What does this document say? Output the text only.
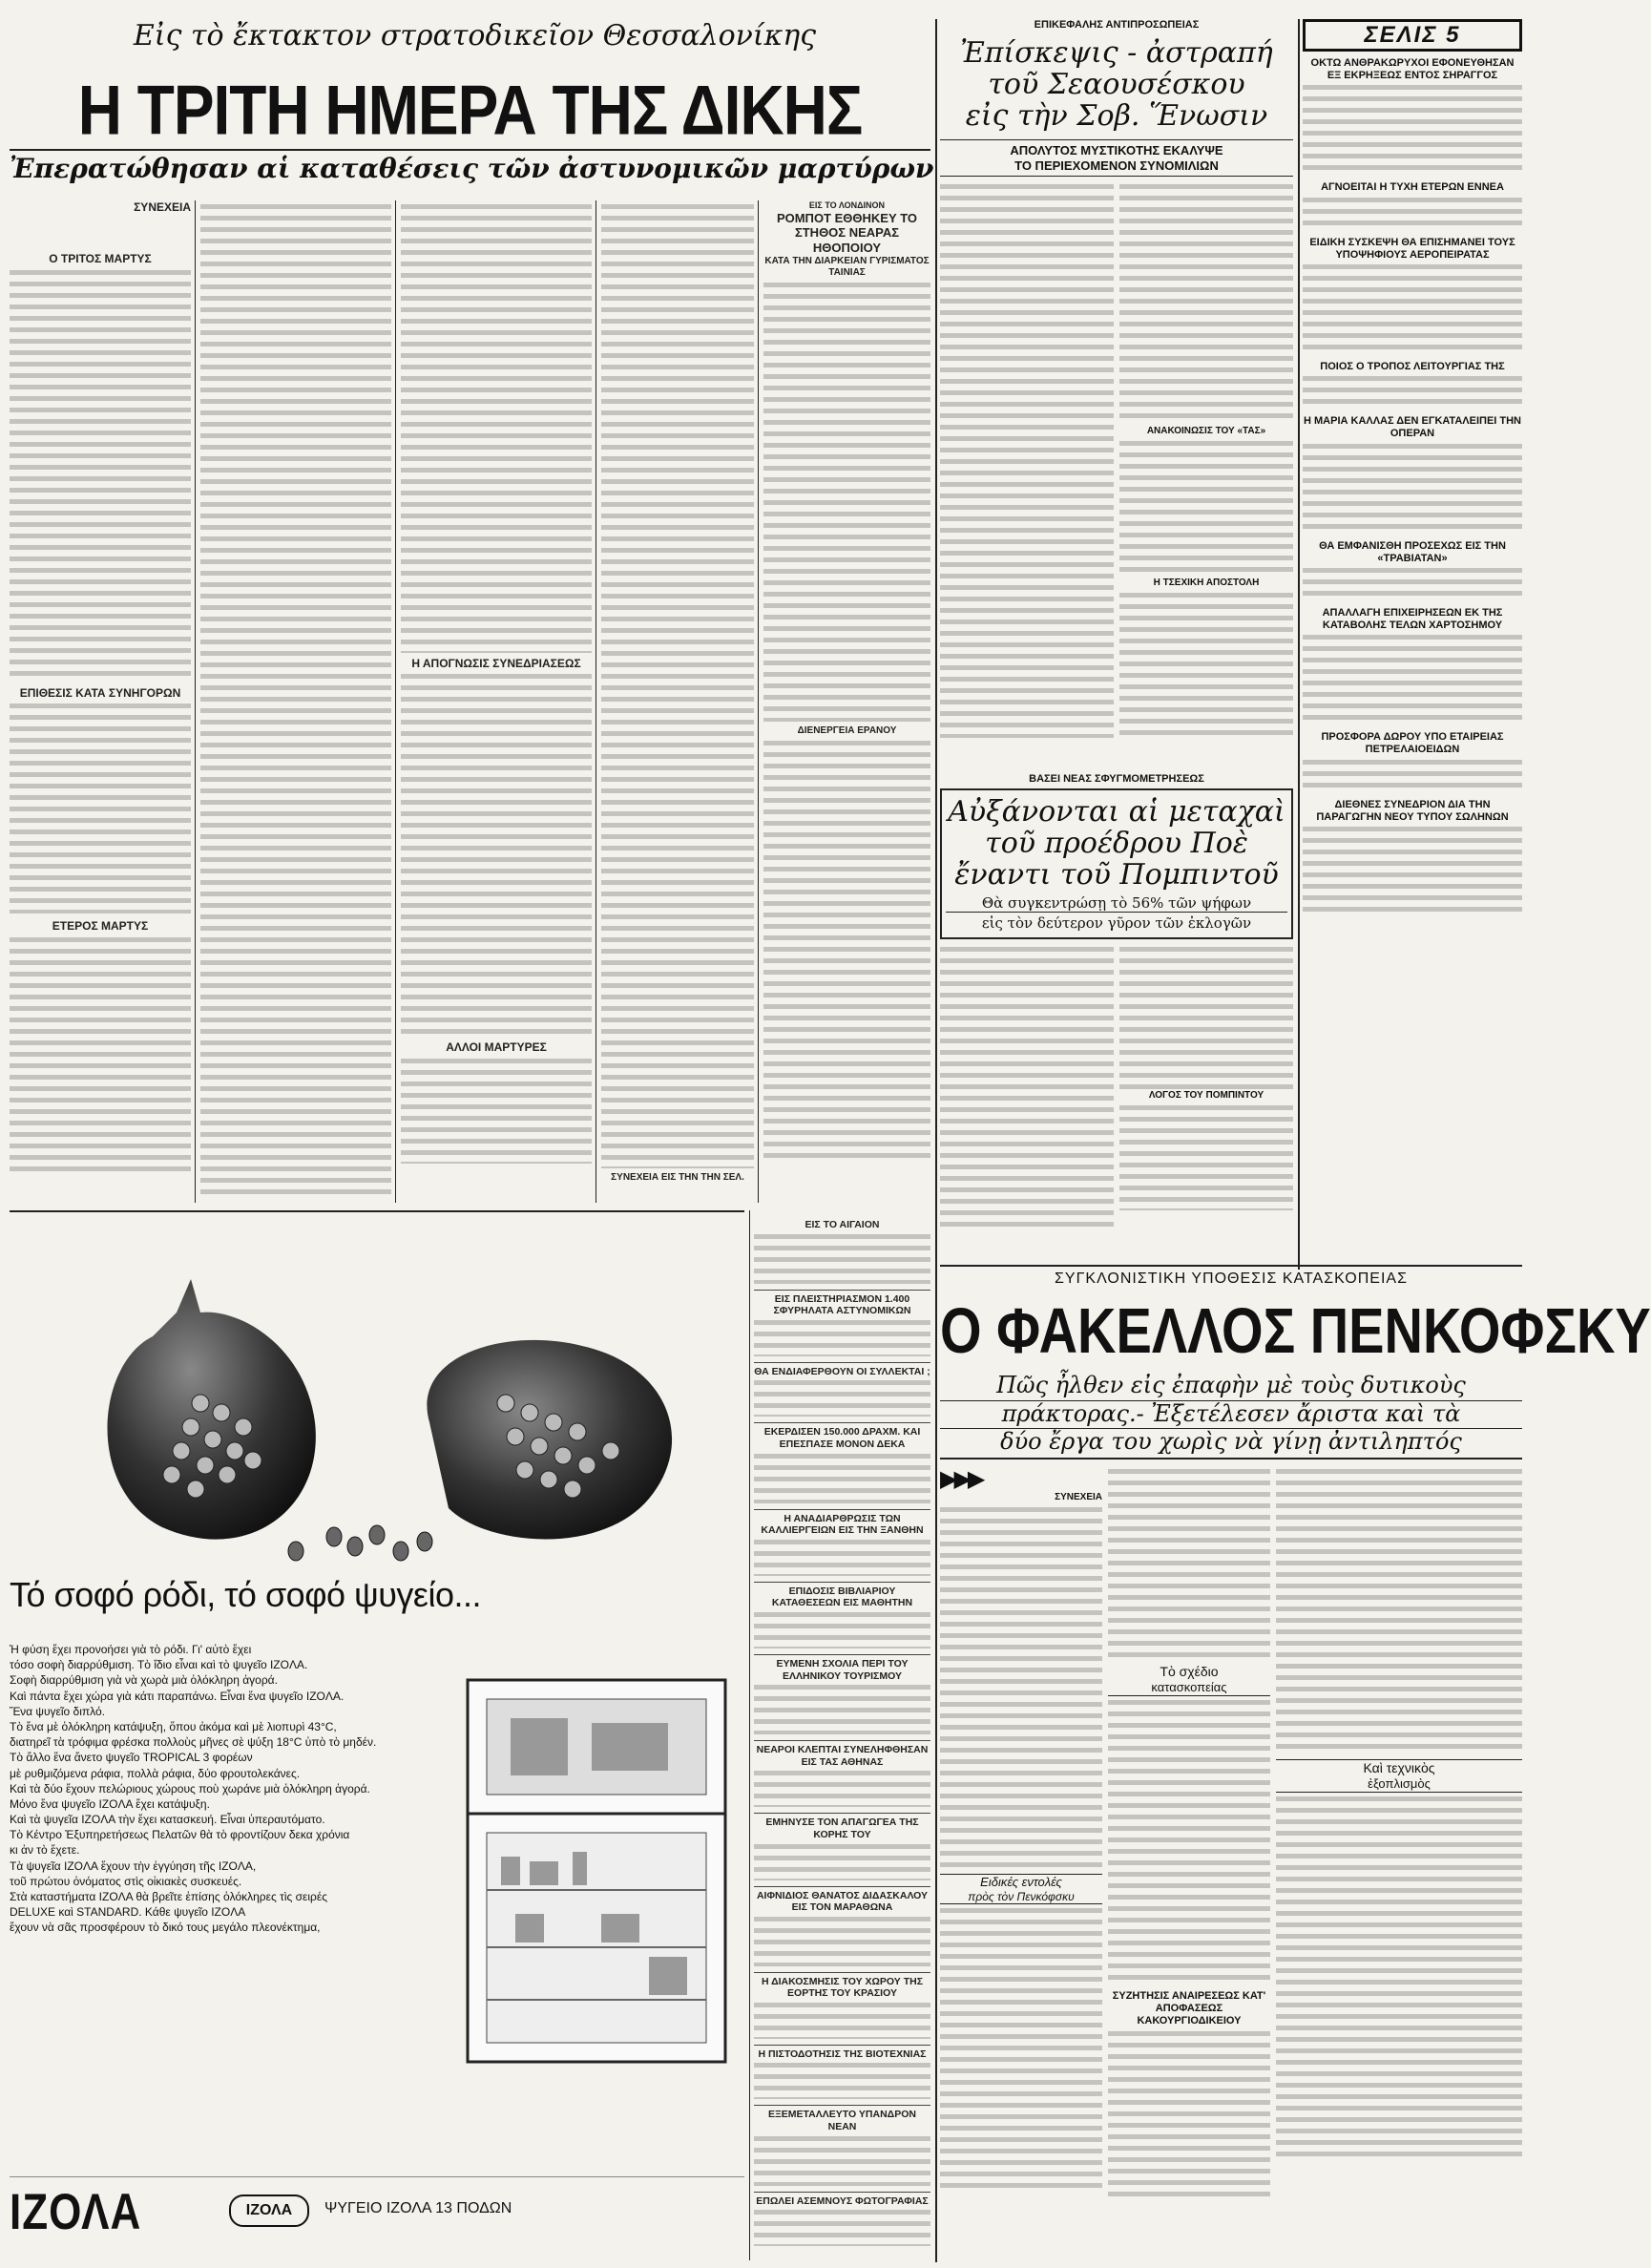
Εἰς τὸ ἔκτακτον στρατοδικεῖον Θεσσαλονίκης
Η ΤΡΙΤΗ ΗΜΕΡΑ ΤΗΣ ΔΙΚΗΣ
Ἐπερατώθησαν αἱ καταθέσεις τῶν ἀστυνομικῶν μαρτύρων
ΣΥΝΕΧΕΙΑ
Ο ΤΡΙΤΟΣ ΜΑΡΤΥΣ
ΕΠΙΘΕΣΙΣ ΚΑΤΑ ΣΥΝΗΓΟΡΩΝ
ΕΤΕΡΟΣ ΜΑΡΤΥΣ
Η ΑΠΟΓΝΩΣΙΣ ΣΥΝΕΔΡΙΑΣΕΩΣ
ΑΛΛΟΙ ΜΑΡΤΥΡΕΣ
ΣΥΝΕΧΕΙΑ ΕΙΣ ΤΗΝ ΤΗΝ ΣΕΛ.
ΕΙΣ ΤΟ ΛΟΝΔΙΝΟΝ
ΡΟΜΠΟΤ ΕΘΘΗΚΕΥ ΤΟ ΣΤΗΘΟΣ ΝΕΑΡΑΣ ΗΘΟΠΟΙΟΥ
ΚΑΤΑ ΤΗΝ ΔΙΑΡΚΕΙΑΝ ΓΥΡΙΣΜΑΤΟΣ ΤΑΙΝΙΑΣ
ΔΙΕΝΕΡΓΕΙΑ ΕΡΑΝΟΥ
Τό σοφό ρόδι, τό σοφό ψυγείο...
Ἡ φύση ἔχει προνοήσει γιὰ τὸ ρόδι. Γι' αὐτὸ ἔχει
τόσο σοφὴ διαρρύθμιση. Τὸ ἴδιο εἶναι καὶ τὸ ψυγεῖο IZOΛA.
Σοφὴ διαρρύθμιση γιὰ νὰ χωρὰ μιὰ ὁλόκληρη ἀγορά.
Καὶ πάντα ἔχει χώρα γιὰ κάτι παραπάνω. Εἶναι ἕνα ψυγεῖο IZOΛA.
Ἕνα ψυγεῖο διπλό.
Τὸ ἕνα μὲ ὁλόκληρη κατάψυξη, ὅπου ἀκόμα καὶ μὲ λιοπυρὶ 43°C,
διατηρεῖ τὰ τρόφιμα φρέσκα πολλοὺς μῆνες σὲ ψύξη 18°C ὑπὸ τὸ μηδέν.
Τὸ ἄλλο ἕνα ἄνετο ψυγεῖο TROPICAL 3 φορέων
μὲ ρυθμιζόμενα ράφια, πολλὰ ράφια, δύο φρουτολεκάνες.
Καὶ τὰ δύο ἔχουν πελώριους χώρους ποὺ χωράνε μιὰ ὁλόκληρη ἀγορά.
Μόνο ἕνα ψυγεῖο IZOΛA ἔχει κατάψυξη.
Καὶ τὰ ψυγεῖα IZOΛA τὴν ἔχει κατασκευή. Εἶναι ὑπεραυτόματο.
Τὸ Κέντρο Ἐξυπηρετήσεως Πελατῶν θὰ τὸ φροντίζουν δεκα χρόνια
κι ἀν τὸ ἔχετε.
Τὰ ψυγεῖα IZOΛA ἔχουν τὴν ἐγγύηση τῆς IZOΛA,
τοῦ πρώτου ὀνόματος στὶς οἰκιακὲς συσκευές.
Στὰ καταστήματα IZOΛA θὰ βρεῖτε ἐπίσης ὁλόκληρες τὶς σειρές
DELUXE καὶ STANDARD. Κάθε ψυγεῖο IZOΛA
ἔχουν νὰ σᾶς προσφέρουν τὸ δικό τους μεγάλο πλεονέκτημα,
ΙΖΟΛΑ	ΙΖΟΛΑ	ΨΥΓΕΙΟ ΙΖΟΛΑ 13 ΠΟΔΩΝ
ΕΙΣ ΤΟ ΑΙΓΑΙΟΝ
ΕΙΣ ΠΛΕΙΣΤΗΡΙΑΣΜΟΝ 1.400 ΣΦΥΡΗΛΑΤΑ ΑΣΤΥΝΟΜΙΚΩΝ
ΘΑ ΕΝΔΙΑΦΕΡΘΟΥΝ ΟΙ ΣΥΛΛΕΚΤΑΙ ;
ΕΚΕΡΔΙΣΕΝ 150.000 ΔΡΑΧΜ. ΚΑΙ ΕΠΕΣΠΑΣΕ ΜΟΝΟΝ ΔΕΚΑ
Η ΑΝΑΔΙΑΡΘΡΩΣΙΣ ΤΩΝ ΚΑΛΛΙΕΡΓΕΙΩΝ ΕΙΣ ΤΗΝ ΞΑΝΘΗΝ
ΕΠΙΔΟΣΙΣ ΒΙΒΛΙΑΡΙΟΥ ΚΑΤΑΘΕΣΕΩΝ ΕΙΣ ΜΑΘΗΤΗΝ
ΕΥΜΕΝΗ ΣΧΟΛΙΑ ΠΕΡΙ ΤΟΥ ΕΛΛΗΝΙΚΟΥ ΤΟΥΡΙΣΜΟΥ
ΝΕΑΡΟΙ ΚΛΕΠΤΑΙ ΣΥΝΕΛΗΦΘΗΣΑΝ ΕΙΣ ΤΑΣ ΑΘΗΝΑΣ
ΕΜΗΝΥΣΕ ΤΟΝ ΑΠΑΓΩΓΕΑ ΤΗΣ ΚΟΡΗΣ ΤΟΥ
ΑΙΦΝΙΔΙΟΣ ΘΑΝΑΤΟΣ ΔΙΔΑΣΚΑΛΟΥ ΕΙΣ ΤΟΝ ΜΑΡΑΘΩΝΑ
Η ΔΙΑΚΟΣΜΗΣΙΣ ΤΟΥ ΧΩΡΟΥ ΤΗΣ ΕΟΡΤΗΣ ΤΟΥ ΚΡΑΣΙΟΥ
Η ΠΙΣΤΟΔΟΤΗΣΙΣ ΤΗΣ ΒΙΟΤΕΧΝΙΑΣ
ΕΞΕΜΕΤΑΛΛΕΥΤΟ ΥΠΑΝΔΡΟΝ ΝΕΑΝ
ΕΠΩΛΕΙ ΑΣΕΜΝΟΥΣ ΦΩΤΟΓΡΑΦΙΑΣ
ΕΠΙΚΕΦΑΛΗΣ ΑΝΤΙΠΡΟΣΩΠΕΙΑΣ
Ἐπίσκεψις - ἀστραπή
τοῦ Σεαουσέσκου
εἰς τὴν Σοβ. Ἕνωσιν
ΑΠΟΛΥΤΟΣ ΜΥΣΤΙΚΟΤΗΣ ΕΚΑΛΥΨΕ
ΤΟ ΠΕΡΙΕΧΟΜΕΝΟΝ ΣΥΝΟΜΙΛΙΩΝ
ΑΝΑΚΟΙΝΩΣΙΣ ΤΟΥ «ΤΑΣ»
Η ΤΣΕΧΙΚΗ ΑΠΟΣΤΟΛΗ
ΒΑΣΕΙ ΝΕΑΣ ΣΦΥΓΜΟΜΕΤΡΗΣΕΩΣ
Αὐξάνονται αἱ μεταχαὶ
τοῦ προέδρου Ποὲ
ἔναντι τοῦ Πομπιντοῦ
Θὰ συγκεντρώσῃ τὸ 56% τῶν ψήφων
εἰς τὸν δεύτερον γῦρον τῶν ἐκλογῶν
ΛΟΓΟΣ ΤΟΥ ΠΟΜΠΙΝΤΟΥ
ΣΕΛΙΣ 5
ΟΚΤΩ ΑΝΘΡΑΚΩΡΥΧΟΙ ΕΦΟΝΕΥΘΗΣΑΝ ΕΞ ΕΚΡΗΞΕΩΣ ΕΝΤΟΣ ΣΗΡΑΓΓΟΣ
ΑΓΝΟΕΙΤΑΙ Η ΤΥΧΗ ΕΤΕΡΩΝ ΕΝΝΕΑ
ΕΙΔΙΚΗ ΣΥΣΚΕΨΗ ΘΑ ΕΠΙΣΗΜΑΝΕΙ ΤΟΥΣ ΥΠΟΨΗΦΙΟΥΣ ΑΕΡΟΠΕΙΡΑΤΑΣ
ΠΟΙΟΣ Ο ΤΡΟΠΟΣ ΛΕΙΤΟΥΡΓΙΑΣ ΤΗΣ
Η ΜΑΡΙΑ ΚΑΛΛΑΣ ΔΕΝ ΕΓΚΑΤΑΛΕΙΠΕΙ ΤΗΝ ΟΠΕΡΑΝ
ΘΑ ΕΜΦΑΝΙΣΘΗ ΠΡΟΣΕΧΩΣ ΕΙΣ ΤΗΝ «ΤΡΑΒΙΑΤΑΝ»
ΑΠΑΛΛΑΓΗ ΕΠΙΧΕΙΡΗΣΕΩΝ ΕΚ ΤΗΣ ΚΑΤΑΒΟΛΗΣ ΤΕΛΩΝ ΧΑΡΤΟΣΗΜΟΥ
ΠΡΟΣΦΟΡΑ ΔΩΡΟΥ ΥΠΟ ΕΤΑΙΡΕΙΑΣ ΠΕΤΡΕΛΑΙΟΕΙΔΩΝ
ΔΙΕΘΝΕΣ ΣΥΝΕΔΡΙΟΝ ΔΙΑ ΤΗΝ ΠΑΡΑΓΩΓΗΝ ΝΕΟΥ ΤΥΠΟΥ ΣΩΛΗΝΩΝ
ΣΥΓΚΛΟΝΙΣΤΙΚΗ ΥΠΟΘΕΣΙΣ ΚΑΤΑΣΚΟΠΕΙΑΣ
Ο ΦΑΚΕΛΛΟΣ ΠΕΝΚΟΦΣΚΥ
Πῶς ἦλθεν εἰς ἐπαφὴν μὲ τοὺς δυτικοὺς
πράκτορας.- Ἐξετέλεσεν ἄριστα καὶ τὰ
δύο ἔργα του χωρὶς νὰ γίνῃ ἀντιληπτός
▶▶▶
ΣΥΝΕΧΕΙΑ
Ειδικές εντολές
πρὸς τὸν Πενκόφσκυ
Τὸ σχέδιο
κατασκοπείας
ΣΥΖΗΤΗΣΙΣ ΑΝΑΙΡΕΣΕΩΣ ΚΑΤ' ΑΠΟΦΑΣΕΩΣ ΚΑΚΟΥΡΓΙΟΔΙΚΕΙΟΥ
Καὶ τεχνικὸς
ἐξοπλισμὸς
